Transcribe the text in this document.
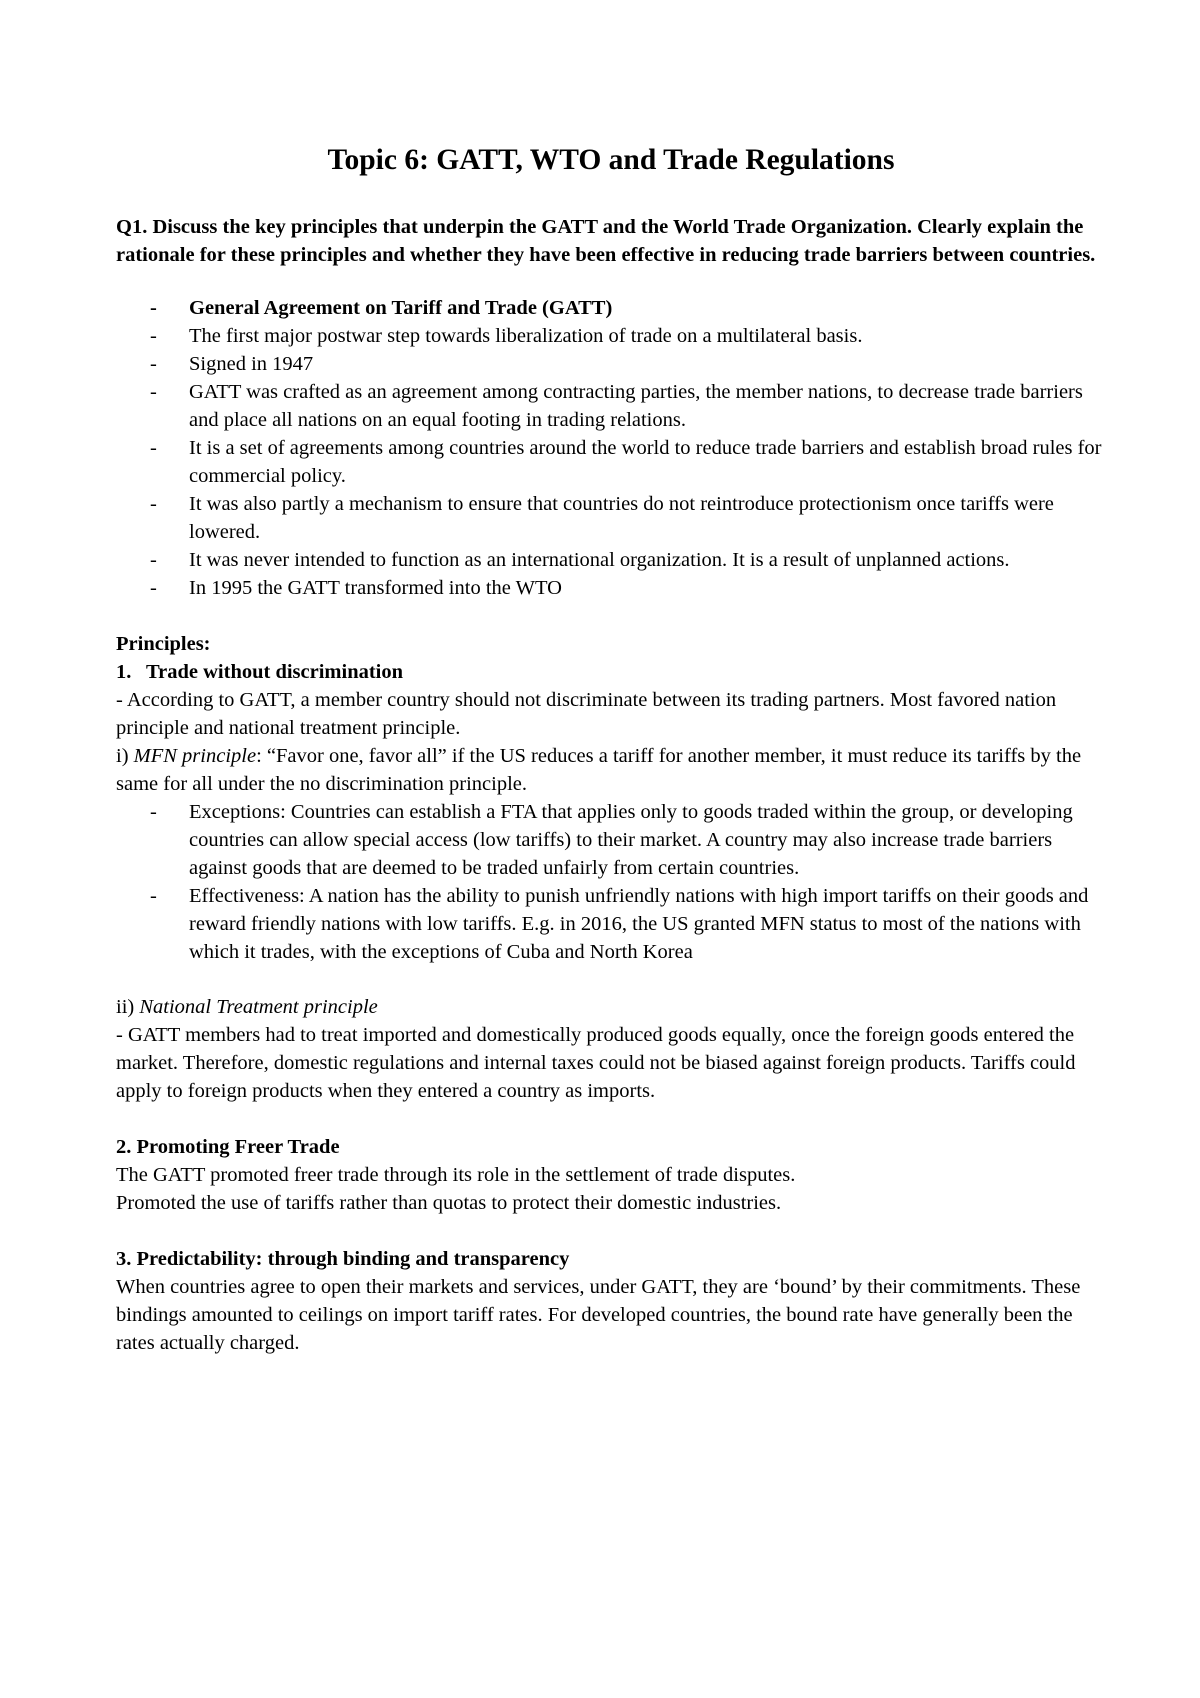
Topic 6: GATT, WTO and Trade Regulations

Q1. Discuss the key principles that underpin the GATT and the World Trade Organization. Clearly explain the rationale for these principles and whether they have been effective in reducing trade barriers between countries.

- General Agreement on Tariff and Trade (GATT)
- The first major postwar step towards liberalization of trade on a multilateral basis.
- Signed in 1947
- GATT was crafted as an agreement among contracting parties, the member nations, to decrease trade barriers and place all nations on an equal footing in trading relations.
- It is a set of agreements among countries around the world to reduce trade barriers and establish broad rules for commercial policy.
- It was also partly a mechanism to ensure that countries do not reintroduce protectionism once tariffs were lowered.
- It was never intended to function as an international organization. It is a result of unplanned actions.
- In 1995 the GATT transformed into the WTO

Principles:

1. Trade without discrimination

- According to GATT, a member country should not discriminate between its trading partners. Most favored nation principle and national treatment principle.

i) MFN principle: “Favor one, favor all” if the US reduces a tariff for another member, it must reduce its tariffs by the same for all under the no discrimination principle.

- Exceptions: Countries can establish a FTA that applies only to goods traded within the group, or developing countries can allow special access (low tariffs) to their market. A country may also increase trade barriers against goods that are deemed to be traded unfairly from certain countries.
- Effectiveness: A nation has the ability to punish unfriendly nations with high import tariffs on their goods and reward friendly nations with low tariffs. E.g. in 2016, the US granted MFN status to most of the nations with which it trades, with the exceptions of Cuba and North Korea

ii) National Treatment principle

- GATT members had to treat imported and domestically produced goods equally, once the foreign goods entered the market. Therefore, domestic regulations and internal taxes could not be biased against foreign products. Tariffs could apply to foreign products when they entered a country as imports.

2. Promoting Freer Trade

The GATT promoted freer trade through its role in the settlement of trade disputes.

Promoted the use of tariffs rather than quotas to protect their domestic industries.

3. Predictability: through binding and transparency

When countries agree to open their markets and services, under GATT, they are ‘bound’ by their commitments. These bindings amounted to ceilings on import tariff rates. For developed countries, the bound rate have generally been the rates actually charged.
